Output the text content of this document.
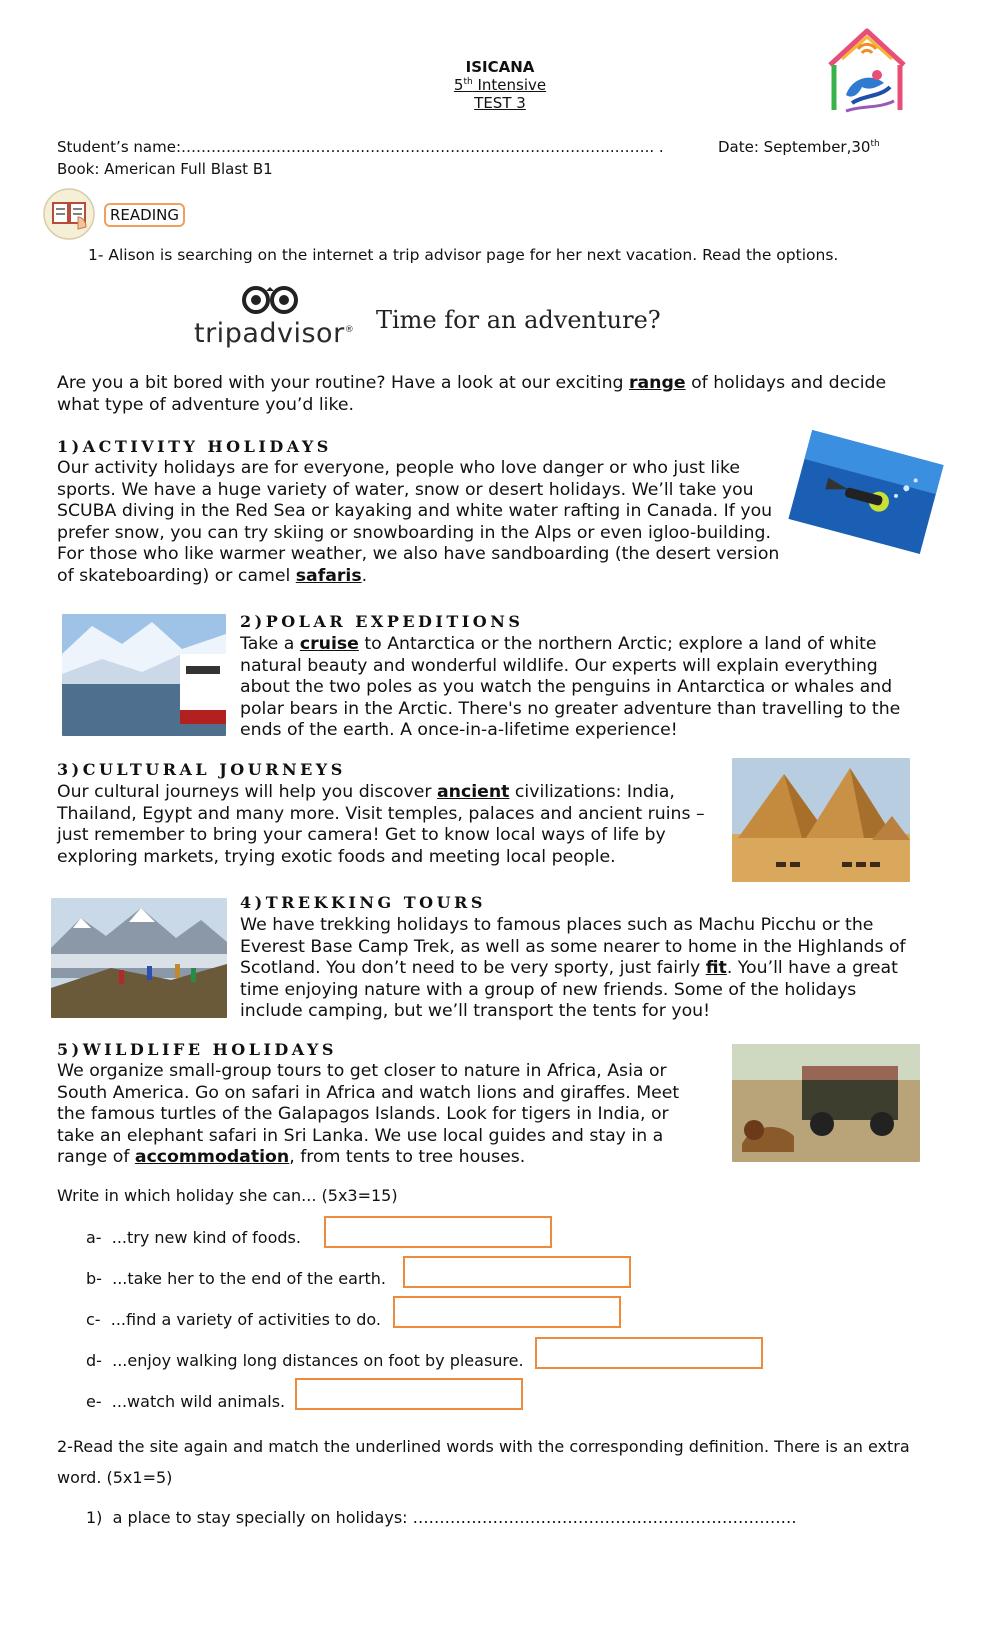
ISICANA
5th Intensive
TEST 3
Student’s name:……………………..………..…………………………………………..…….. .	Date: September,30th
Book: American Full Blast B1
READING
1- Alison is searching on the internet a trip advisor page for her next vacation. Read the options.
tripadvisor® Time for an adventure?
Are you a bit bored with your routine? Have a look at our exciting range of holidays and decide what type of adventure you’d like.
1)ACTIVITY HOLIDAYS
Our activity holidays are for everyone, people who love danger or who just like sports. We have a huge variety of water, snow or desert holidays. We’ll take you SCUBA diving in the Red Sea or kayaking and white water rafting in Canada. If you prefer snow, you can try skiing or snowboarding in the Alps or even igloo-building. For those who like warmer weather, we also have sandboarding (the desert version of skateboarding) or camel safaris.
2)POLAR EXPEDITIONS
Take a cruise to Antarctica or the northern Arctic; explore a land of white natural beauty and wonderful wildlife. Our experts will explain everything about the two poles as you watch the penguins in Antarctica or whales and polar bears in the Arctic. There's no greater adventure than travelling to the ends of the earth. A once-in-a-lifetime experience!
3)CULTURAL JOURNEYS
Our cultural journeys will help you discover ancient civilizations: India, Thailand, Egypt and many more. Visit temples, palaces and ancient ruins – just remember to bring your camera! Get to know local ways of life by exploring markets, trying exotic foods and meeting local people.
4)TREKKING TOURS
We have trekking holidays to famous places such as Machu Picchu or the Everest Base Camp Trek, as well as some nearer to home in the Highlands of Scotland. You don’t need to be very sporty, just fairly fit. You’ll have a great time enjoying nature with a group of new friends. Some of the holidays include camping, but we’ll transport the tents for you!
5)WILDLIFE HOLIDAYS
We organize small-group tours to get closer to nature in Africa, Asia or South America. Go on safari in Africa and watch lions and giraffes. Meet the famous turtles of the Galapagos Islands. Look for tigers in India, or take an elephant safari in Sri Lanka. We use local guides and stay in a range of accommodation, from tents to tree houses.
Write in which holiday she can... (5x3=15)
a- ...try new kind of foods.
b- ...take her to the end of the earth.
c- ...find a variety of activities to do.
d- ...enjoy walking long distances on foot by pleasure.
e- ...watch wild animals.
2-Read the site again and match the underlined words with the corresponding definition. There is an extra word. (5x1=5)
1) a place to stay specially on holidays: ………………………………………………………………
